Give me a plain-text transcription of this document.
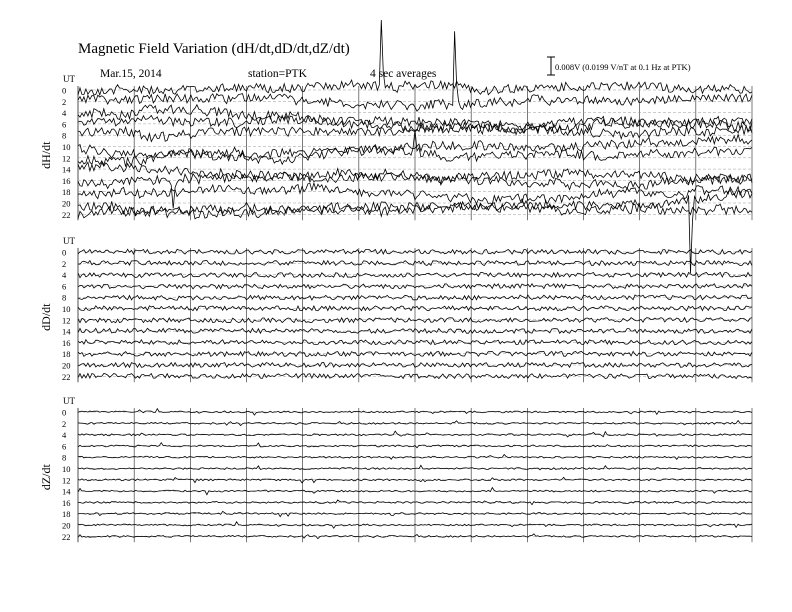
Magnetic Field Variation (dH/dt,dD/dt,dZ/dt)
Mar.15, 2014	station=PTK	4 sec averages
0.008V (0.0199 V/nT at 0.1 Hz at PTK)
UT
dH/dt
0
2
4
6
8
10
12
14
16
18
20
22
UT
dD/dt
0
2
4
6
8
10
12
14
16
18
20
22
UT
dZ/dt
0
2
4
6
8
10
12
14
16
18
20
22
